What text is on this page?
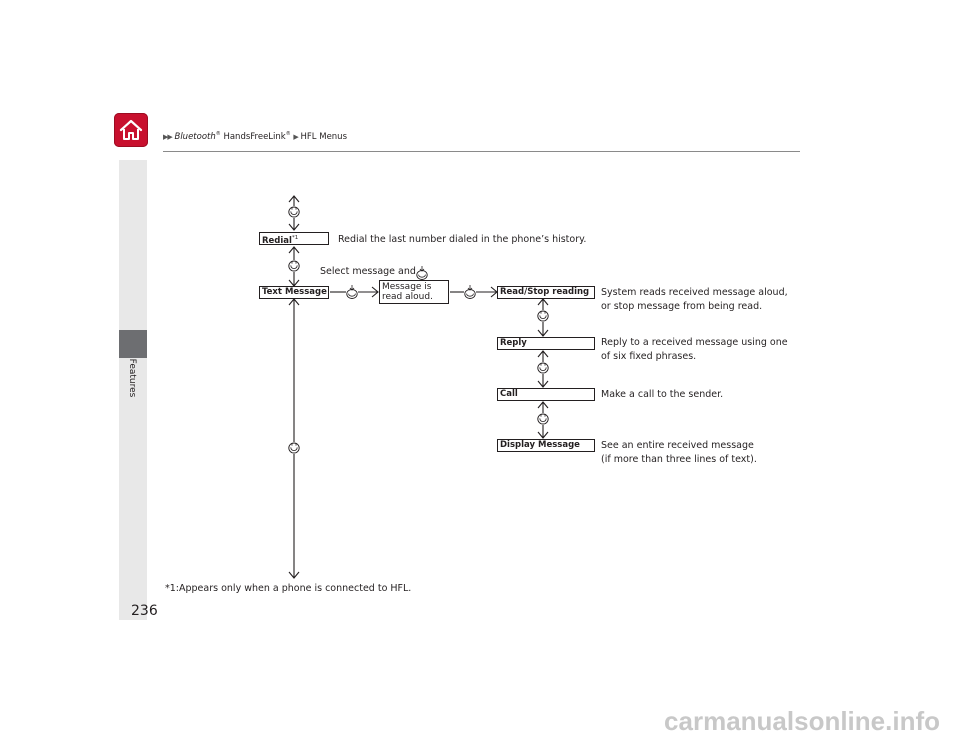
▶▶ Bluetooth® HandsFreeLink® ▶ HFL Menus
Features
236
Redial$^{*1}$	Redial the last number dialed in the phone’s history.
Select message and
Text Message	Message is
read aloud.	Read/Stop reading	System reads received message aloud,
or stop message from being read.
Reply	Reply to a received message using one
of six fixed phrases.
Call	Make a call to the sender.
Display Message	See an entire received message
(if more than three lines of text).
*1:Appears only when a phone is connected to HFL.
carmanualsonline.info
